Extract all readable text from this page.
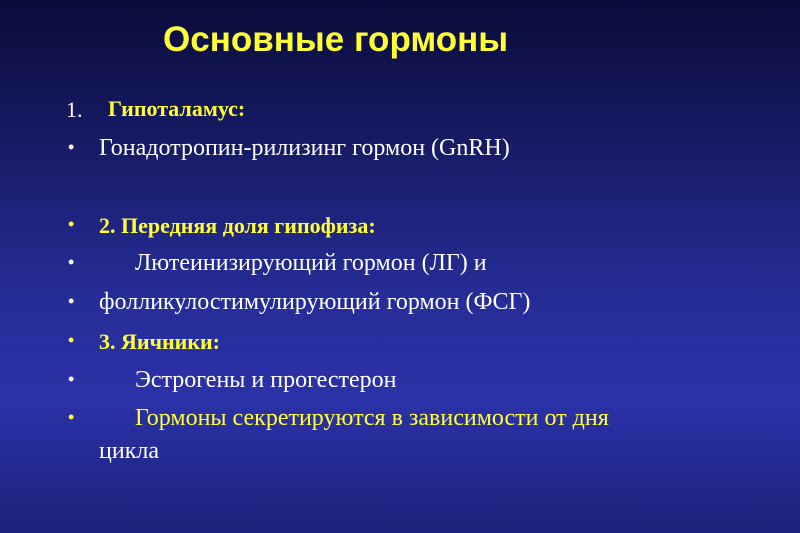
Основные гормоны
1. Гипоталамус:
• Гонадотропин-рилизинг гормон (GnRH)
• 2. Передняя доля гипофиза:
•	Лютеинизирующий гормон (ЛГ) и
• фолликулостимулирующий гормон (ФСГ)
• 3. Яичники:
•	Эстрогены и прогестерон
•	Гормоны секретируются в зависимости от дня
цикла
